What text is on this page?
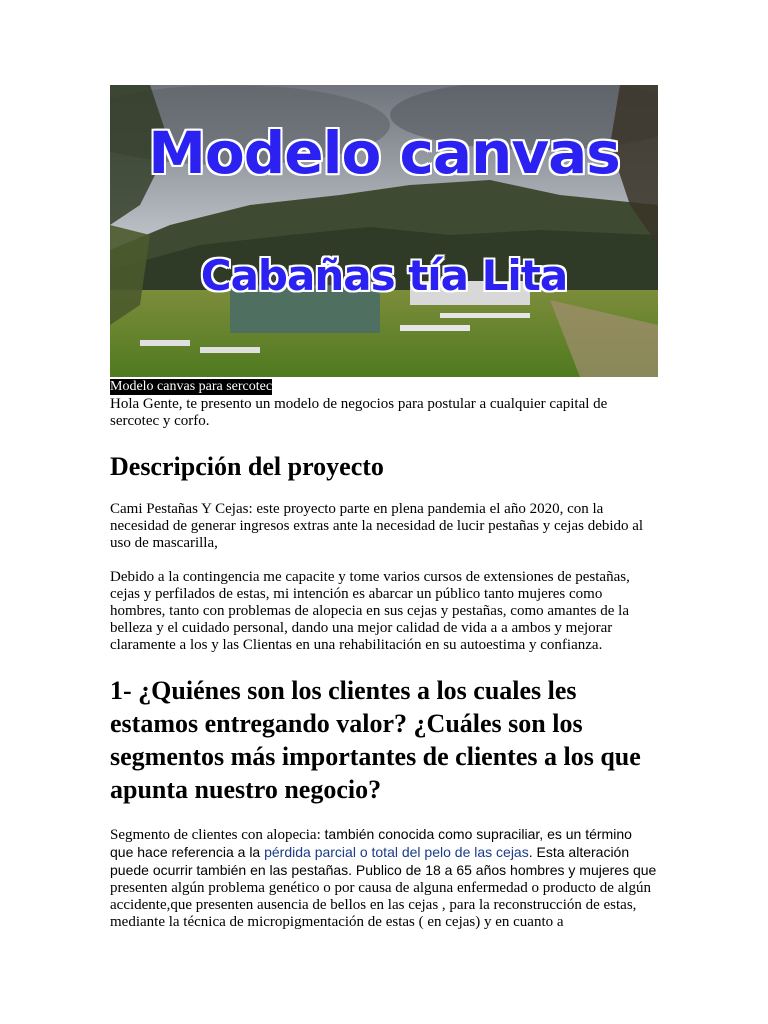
Modelo canvas
Cabañas tía Lita
Modelo canvas para sercotec

Hola Gente, te presento un modelo de negocios para postular a cualquier capital de sercotec y corfo.

Descripción del proyecto

Cami Pestañas Y Cejas: este proyecto parte en plena pandemia el año 2020, con la necesidad de generar ingresos extras ante la necesidad de lucir pestañas y cejas debido al uso de mascarilla,

Debido a la contingencia me capacite y tome varios cursos de extensiones de pestañas, cejas y perfilados de estas, mi intención es abarcar un público tanto mujeres como hombres, tanto con problemas de alopecia en sus cejas y pestañas, como amantes de la belleza y el cuidado personal, dando una mejor calidad de vida a a ambos y mejorar claramente a los y las Clientas en una rehabilitación en su autoestima y confianza.

1- ¿Quiénes son los clientes a los cuales les estamos entregando valor? ¿Cuáles son los segmentos más importantes de clientes a los que apunta nuestro negocio?

Segmento de clientes con alopecia: también conocida como supraciliar, es un término que hace referencia a la pérdida parcial o total del pelo de las cejas. Esta alteración puede ocurrir también en las pestañas. Publico de 18 a 65 años hombres y mujeres que presenten algún problema genético o por causa de alguna enfermedad o producto de algún accidente,que presenten ausencia de bellos en las cejas , para la reconstrucción de estas, mediante la técnica de micropigmentación de estas ( en cejas) y en cuanto a
